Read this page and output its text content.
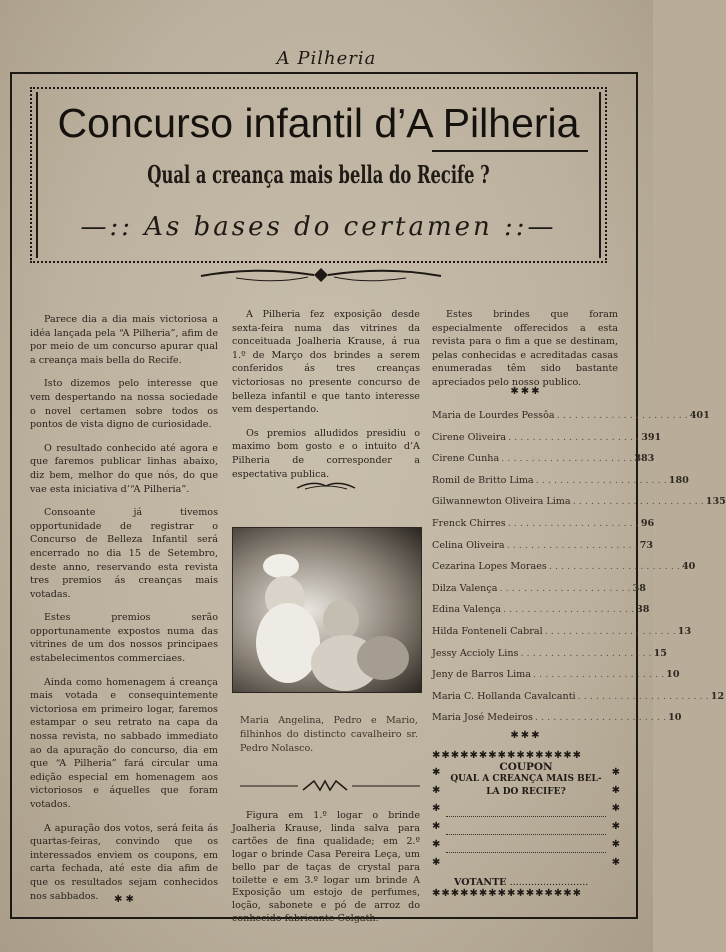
A Pilheria
Concurso infantil d’A Pilheria
Qual a creança mais bella do Recife ?
—:: As bases do certamen ::—

Parece dia a dia mais victoriosa a idéa lançada pela “A Pilheria”, afim de por meio de um concurso apurar qual a creança mais bella do Recife.

Isto dizemos pelo interesse que vem despertando na nossa sociedade o novel certamen sobre todos os pontos de vista digno de curiosidade.

O resultado conhecido até agora e que faremos publicar linhas abaixo, diz bem, melhor do que nós, do que vae esta iniciativa d’“A Pilheria”.

Consoante já tivemos opportunidade de registrar o Concurso de Belleza Infantil será encerrado no dia 15 de Setembro, deste anno, reservando esta revista tres premios ás creanças mais votadas.

Estes premios serão opportunamente expostos numa das vitrines de um dos nossos principaes estabelecimentos commerciaes.

Ainda como homenagem á creança mais votada e consequintemente victoriosa em primeiro logar, faremos estampar o seu retrato na capa da nossa revista, no sabbado immediato ao da apuração do concurso, dia em que “A Pilheria” fará circular uma edição especial em homenagem aos victoriosos e áquelles que foram votados.

A apuração dos votos, será feita ás quartas-feiras, convindo que os interessados enviem os coupons, em carta fechada, até este dia afim de que os resultados sejam conhecidos nos sabbados.	✱ ✱

A Pilheria fez exposição desde sexta-feira numa das vitrines da conceituada Joalheria Krause, á rua 1.º de Março dos brindes a serem conferidos ás tres creanças victoriosas no presente concurso de belleza infantil e que tanto interesse vem despertando.

Os premios alludidos presidiu o maximo bom gosto e o intuito d’A Pilheria de corresponder a espectativa publica.

Maria Angelina, Pedro e Mario, filhinhos do distincto cavalheiro sr. Pedro Nolasco.

Figura em 1.º logar o brinde Joalheria Krause, linda salva para cartões de fina qualidade; em 2.º logar o brinde Casa Pereira Leça, um bello par de taças de crystal para toilette e em 3.º logar um brinde A Exposição um estojo de perfumes, loção, sabonete e pó de arroz do conhecido fabricante Colgath.

Estes brindes que foram especialmente offerecidos a esta revista para o fim a que se destinam, pelas conhecidas e acreditadas casas enumeradas têm sido bastante apreciados pelo nosso publico.

✱✱✱
Maria de Lourdes Pessôa . . . . . . . . . . . . . . . . . . . . . . 401
Cirene Oliveira . . . . . . . . . . . . . . . . . . . . . . 391
Cirene Cunha . . . . . . . . . . . . . . . . . . . . . . 383
Romil de Britto Lima . . . . . . . . . . . . . . . . . . . . . . 180
Gilwannewton Oliveira Lima . . . . . . . . . . . . . . . . . . . . . . 135
Frenck Chirres . . . . . . . . . . . . . . . . . . . . . . 96
Celina Oliveira . . . . . . . . . . . . . . . . . . . . . . 73
Cezarina Lopes Moraes . . . . . . . . . . . . . . . . . . . . . . 40
Dilza Valença . . . . . . . . . . . . . . . . . . . . . . 38
Edina Valença . . . . . . . . . . . . . . . . . . . . . . 38
Hilda Fonteneli Cabral . . . . . . . . . . . . . . . . . . . . . . 13
Jessy Accioly Lins . . . . . . . . . . . . . . . . . . . . . . 15
Jeny de Barros Lima . . . . . . . . . . . . . . . . . . . . . . 10
Maria C. Hollanda Cavalcanti . . . . . . . . . . . . . . . . . . . . . . 12
Maria José Medeiros . . . . . . . . . . . . . . . . . . . . . . 10
✱✱✱
✱✱✱✱✱✱✱✱✱✱✱✱✱✱✱✱
✱
✱
✱
✱
✱
✱
✱
✱
✱
✱
✱
✱
COUPON
QUAL A CREANÇA MAIS BEL-
LA DO RECIFE?
VOTANTE ..........................
✱✱✱✱✱✱✱✱✱✱✱✱✱✱✱✱
